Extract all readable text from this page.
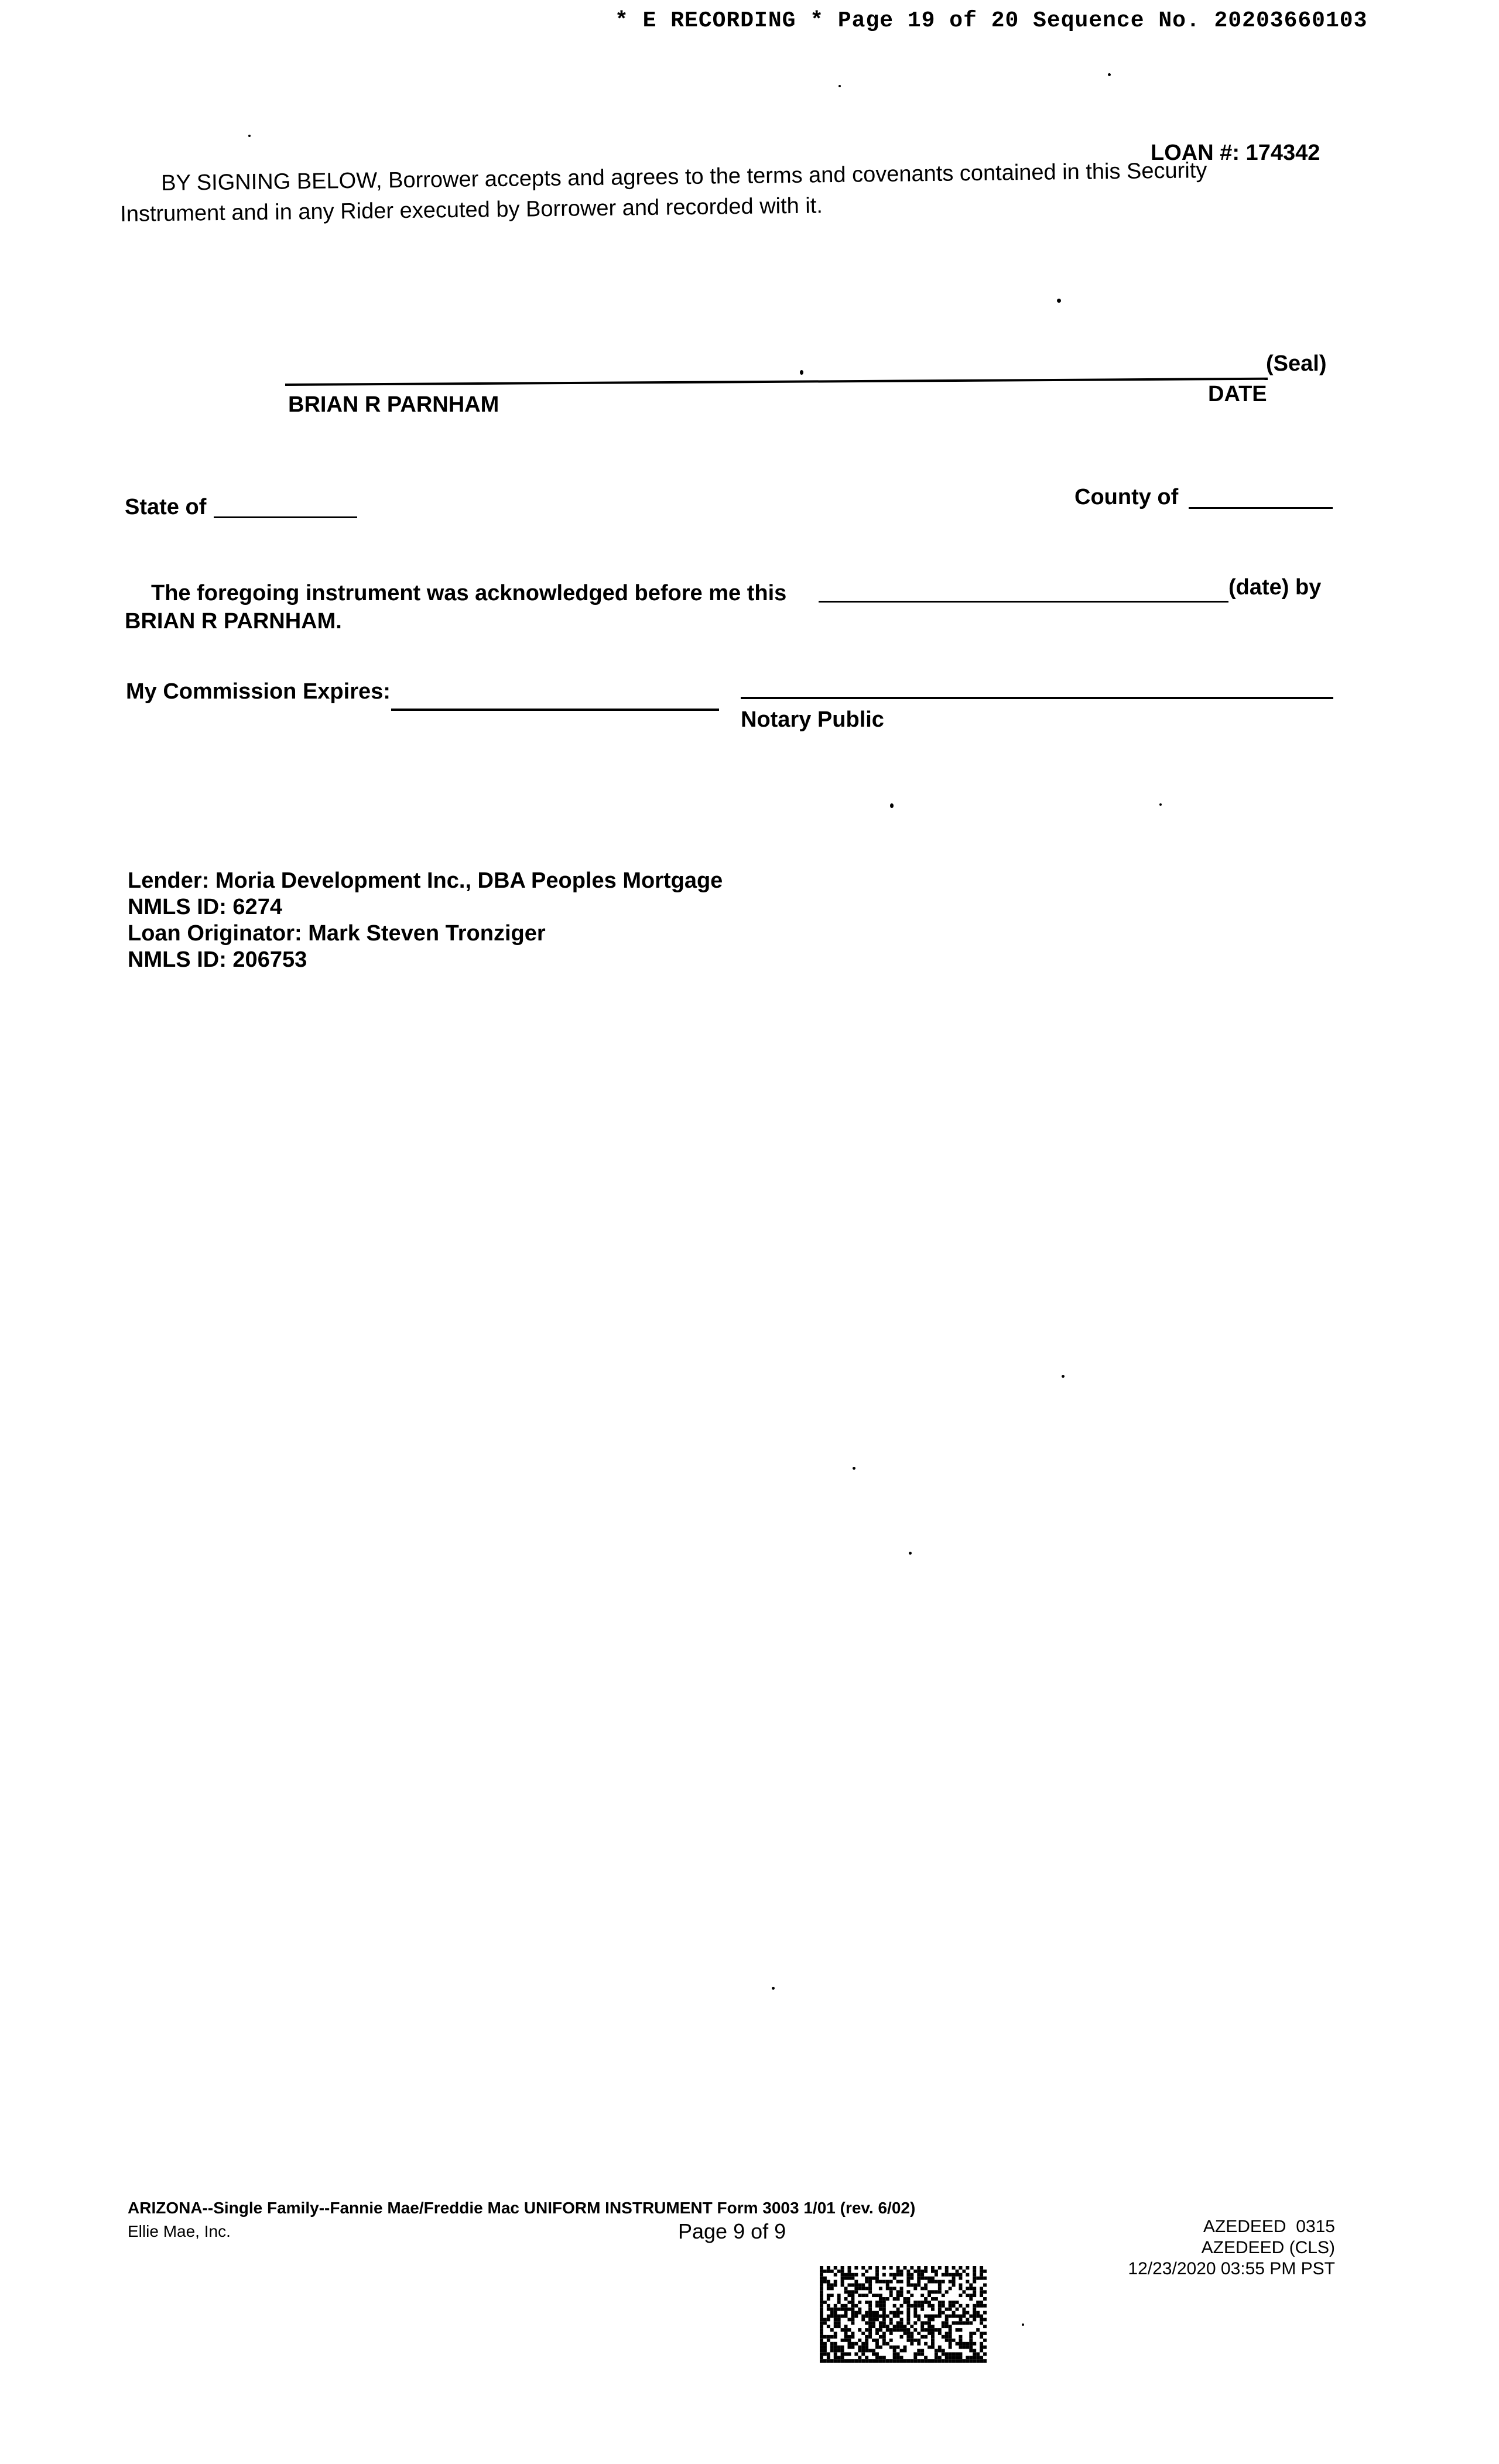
* E RECORDING * Page 19 of 20 Sequence No. 20203660103
LOAN #: 174342
BY SIGNING BELOW, Borrower accepts and agrees to the terms and covenants contained in this Security
Instrument and in any Rider executed by Borrower and recorded with it.
(Seal)
BRIAN R PARNHAM	DATE
State of	County of
The foregoing instrument was acknowledged before me this	(date) by
BRIAN R PARNHAM.
My Commission Expires:
Notary Public
Lender: Moria Development Inc., DBA Peoples Mortgage
NMLS ID: 6274
Loan Originator: Mark Steven Tronziger
NMLS ID: 206753
ARIZONA--Single Family--Fannie Mae/Freddie Mac UNIFORM INSTRUMENT Form 3003 1/01 (rev. 6/02)
Ellie Mae, Inc.	Page 9 of 9	AZEDEED  0315
AZEDEED (CLS)
12/23/2020 03:55 PM PST
